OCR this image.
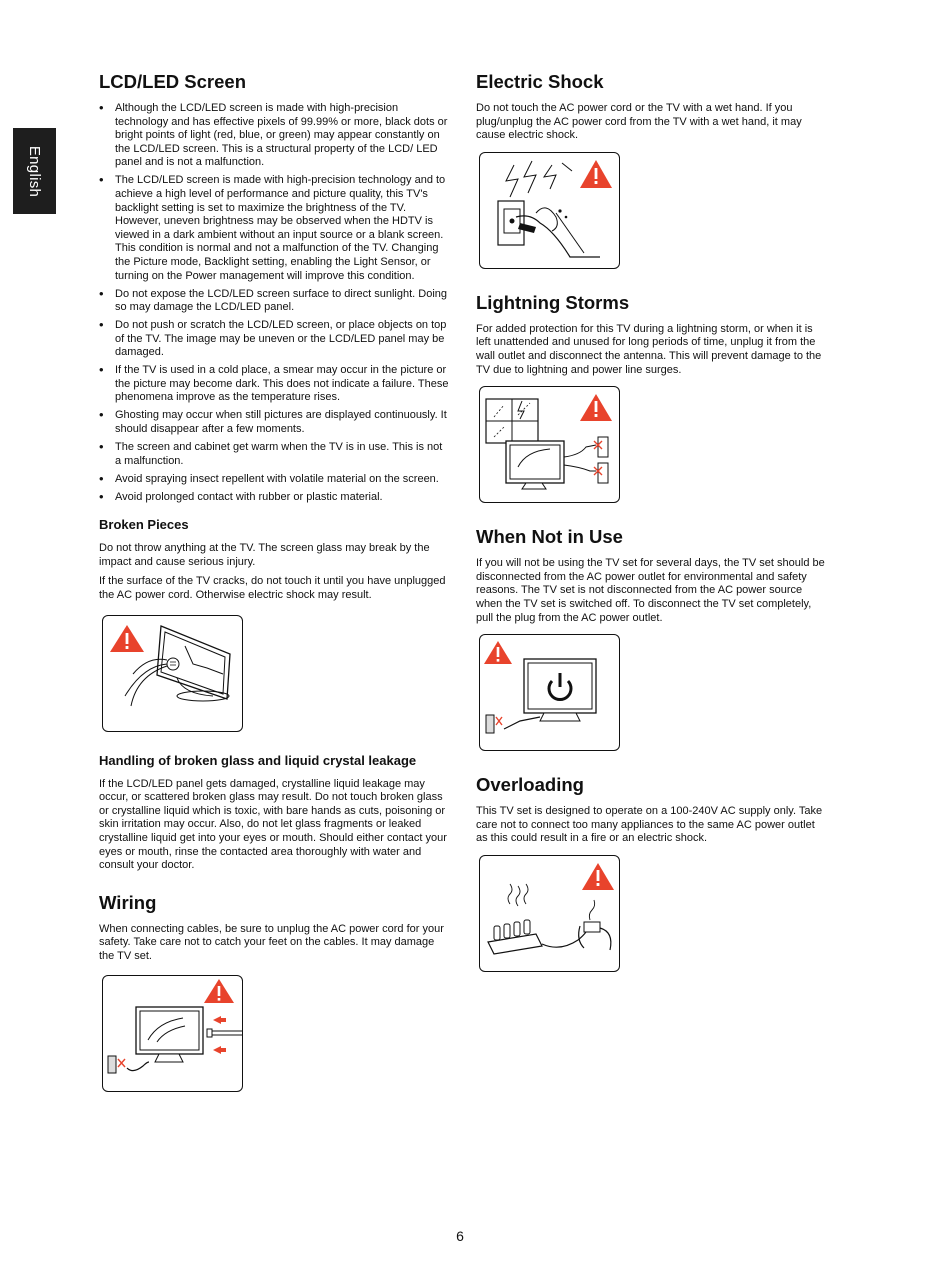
English
LCD/LED Screen
• Although the LCD/LED screen is made with high-precision technology and has effective pixels of 99.99% or more, black dots or bright points of light (red, blue, or green) may appear constantly on the LCD/LED screen. This is a structural property of the LCD/ LED panel and is not a malfunction.
• The LCD/LED screen is made with high-precision technology and to achieve a high level of performance and picture quality, this TV's backlight setting is set to maximize the brightness of the TV. However, uneven brightness may be observed when the HDTV is viewed in a dark ambient without an input source or a blank screen. This condition is normal and not a malfunction of the TV. Changing the Picture mode, Backlight setting, enabling the Light Sensor, or turning on the Power management will improve this condition.
• Do not expose the LCD/LED screen surface to direct sunlight. Doing so may damage the LCD/LED panel.
• Do not push or scratch the LCD/LED screen, or place objects on top of the TV. The image may be uneven or the LCD/LED panel may be damaged.
• If the TV is used in a cold place, a smear may occur in the picture or the picture may become dark. This does not indicate a failure. These phenomena improve as the temperature rises.
• Ghosting may occur when still pictures are displayed continuously. It should disappear after a few moments.
• The screen and cabinet get warm when the TV is in use. This is not a malfunction.
• Avoid spraying insect repellent with volatile material on the screen.
• Avoid prolonged contact with rubber or plastic material.
Broken Pieces

Do not throw anything at the TV. The screen glass may break by the impact and cause serious injury.

If the surface of the TV cracks, do not touch it until you have unplugged the AC power cord. Otherwise electric shock may result.

Handling of broken glass and liquid crystal leakage

If the LCD/LED panel gets damaged, crystalline liquid leakage may occur, or scattered broken glass may result. Do not touch broken glass or crystalline liquid which is toxic, with bare hands as cuts, poisoning or skin irritation may occur. Also, do not let glass fragments or leaked crystalline liquid get into your eyes or mouth. Should either contact your eyes or mouth, rinse the contacted area thoroughly with water and consult your doctor.

Wiring

When connecting cables, be sure to unplug the AC power cord for your safety. Take care not to catch your feet on the cables. It may damage the TV set.

Electric Shock

Do not touch the AC power cord or the TV with a wet hand. If you plug/unplug the AC power cord from the TV with a wet hand, it may cause electric shock.

Lightning Storms

For added protection for this TV during a lightning storm, or when it is left unattended and unused for long periods of time, unplug it from the wall outlet and disconnect the antenna. This will prevent damage to the TV due to lightning and power line surges.

When Not in Use

If you will not be using the TV set for several days, the TV set should be disconnected from the AC power outlet for environmental and safety reasons. The TV set is not disconnected from the AC power source when the TV set is switched off. To disconnect the TV set completely, pull the plug from the AC power outlet.

Overloading

This TV set is designed to operate on a 100-240V AC supply only. Take care not to connect too many appliances to the same AC power outlet as this could result in a fire or an electric shock.

6
